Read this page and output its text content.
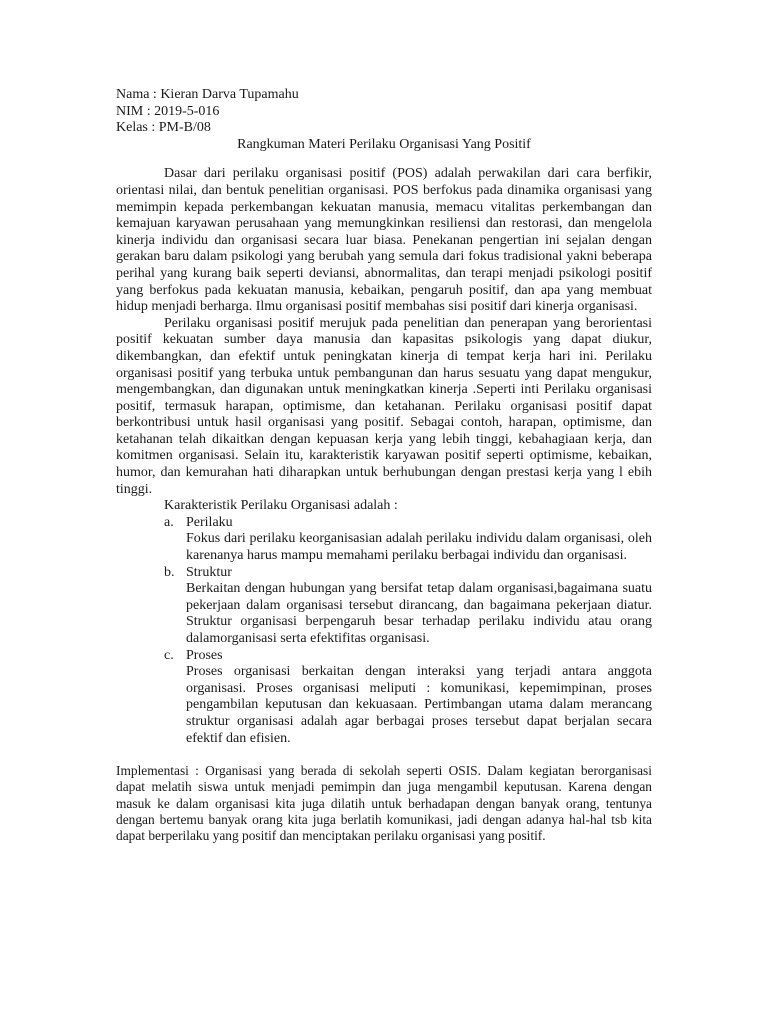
Nama : Kieran Darva Tupamahu
NIM : 2019-5-016
Kelas : PM-B/08
Rangkuman Materi Perilaku Organisasi Yang Positif

Dasar dari perilaku organisasi positif (POS) adalah perwakilan dari cara berfikir, orientasi nilai, dan bentuk penelitian organisasi. POS berfokus pada dinamika organisasi yang memimpin kepada perkembangan kekuatan manusia, memacu vitalitas perkembangan dan kemajuan karyawan perusahaan yang memungkinkan resiliensi dan restorasi, dan mengelola kinerja individu dan organisasi secara luar biasa. Penekanan pengertian ini sejalan dengan gerakan baru dalam psikologi yang berubah yang semula dari fokus tradisional yakni beberapa perihal yang kurang baik seperti deviansi, abnormalitas, dan terapi menjadi psikologi positif yang berfokus pada kekuatan manusia, kebaikan, pengaruh positif, dan apa yang membuat hidup menjadi berharga. Ilmu organisasi positif membahas sisi positif dari kinerja organisasi.

Perilaku organisasi positif merujuk pada penelitian dan penerapan yang berorientasi positif kekuatan sumber daya manusia dan kapasitas psikologis yang dapat diukur, dikembangkan, dan efektif untuk peningkatan kinerja di tempat kerja hari ini. Perilaku organisasi positif yang terbuka untuk pembangunan dan harus sesuatu yang dapat mengukur, mengembangkan, dan digunakan untuk meningkatkan kinerja .Seperti inti Perilaku organisasi positif, termasuk harapan, optimisme, dan ketahanan. Perilaku organisasi positif dapat berkontribusi untuk hasil organisasi yang positif. Sebagai contoh, harapan, optimisme, dan ketahanan telah dikaitkan dengan kepuasan kerja yang lebih tinggi, kebahagiaan kerja, dan komitmen organisasi. Selain itu, karakteristik karyawan positif seperti optimisme, kebaikan, humor, dan kemurahan hati diharapkan untuk berhubungan dengan prestasi kerja yang l ebih tinggi.

Karakteristik Perilaku Organisasi adalah :
a. Perilaku
Fokus dari perilaku keorganisasian adalah perilaku individu dalam organisasi, oleh karenanya harus mampu memahami perilaku berbagai individu dan organisasi.
b. Struktur
Berkaitan dengan hubungan yang bersifat tetap dalam organisasi,bagaimana suatu pekerjaan dalam organisasi tersebut dirancang, dan bagaimana pekerjaan diatur. Struktur organisasi berpengaruh besar terhadap perilaku individu atau orang dalamorganisasi serta efektifitas organisasi.
c. Proses
Proses organisasi berkaitan dengan interaksi yang terjadi antara anggota organisasi. Proses organisasi meliputi : komunikasi, kepemimpinan, proses pengambilan keputusan dan kekuasaan. Pertimbangan utama dalam merancang struktur organisasi adalah agar berbagai proses tersebut dapat berjalan secara efektif dan efisien.

Implementasi : Organisasi yang berada di sekolah seperti OSIS. Dalam kegiatan berorganisasi dapat melatih siswa untuk menjadi pemimpin dan juga mengambil keputusan. Karena dengan masuk ke dalam organisasi kita juga dilatih untuk berhadapan dengan banyak orang, tentunya dengan bertemu banyak orang kita juga berlatih komunikasi, jadi dengan adanya hal-hal tsb kita dapat berperilaku yang positif dan menciptakan perilaku organisasi yang positif.
